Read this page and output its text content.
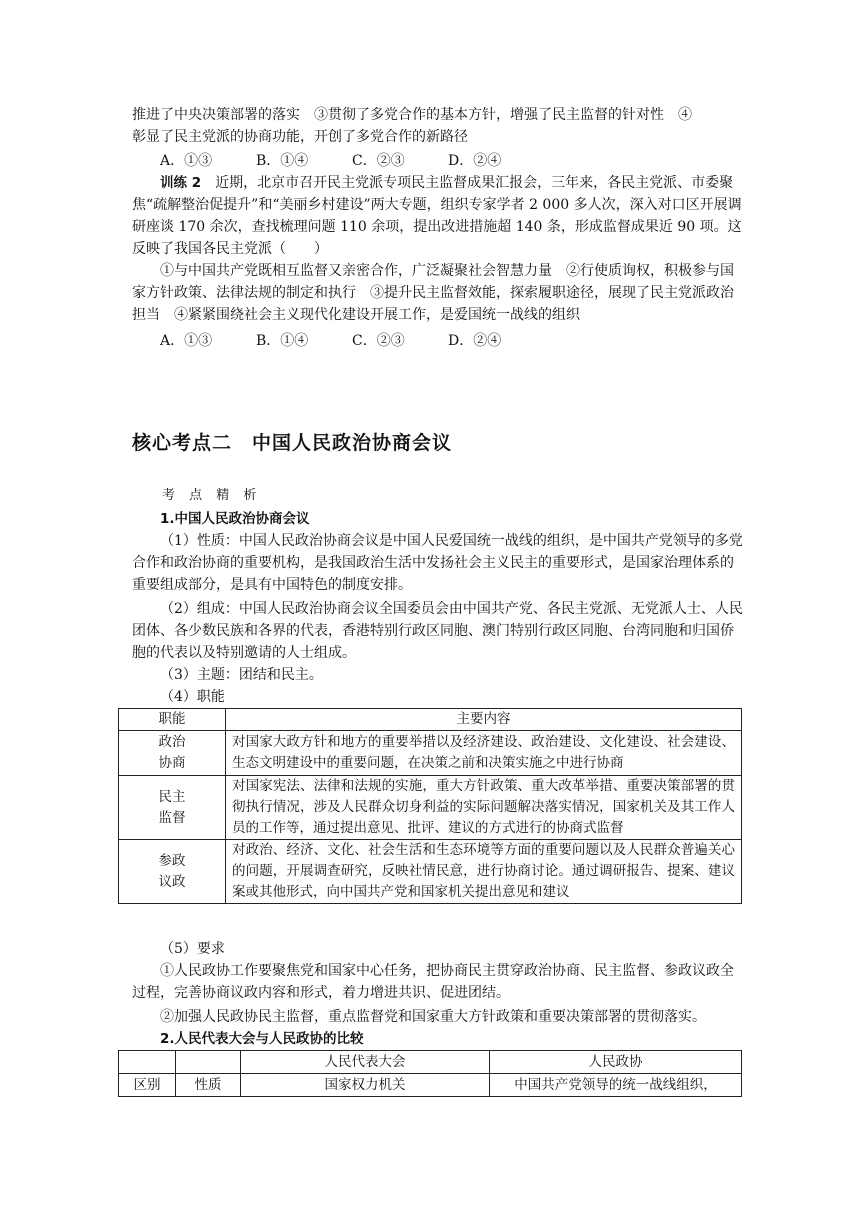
推进了中央决策部署的落实　③贯彻了多党合作的基本方针，增强了民主监督的针对性　④

彰显了民主党派的协商功能，开创了多党合作的新路径

A．①③	B．①④	C．②③	D．②④

训练 2　 近期，北京市召开民主党派专项民主监督成果汇报会，三年来，各民主党派、市委聚焦“疏解整治促提升”和“美丽乡村建设”两大专题，组织专家学者 2 000 多人次，深入对口区开展调研座谈 170 余次，查找梳理问题 110 余项，提出改进措施超 140 条，形成监督成果近 90 项。这反映了我国各民主党派（　　）

①与中国共产党既相互监督又亲密合作，广泛凝聚社会智慧力量　②行使质询权，积极参与国家方针政策、法律法规的制定和执行　③提升民主监督效能，探索履职途径，展现了民主党派政治担当　④紧紧围绕社会主义现代化建设开展工作，是爱国统一战线的组织

A．①③	B．①④	C．②③	D．②④

核心考点二　中国人民政治协商会议

考 点 精 析

1.中国人民政治协商会议

（1）性质：中国人民政治协商会议是中国人民爱国统一战线的组织，是中国共产党领导的多党合作和政治协商的重要机构，是我国政治生活中发扬社会主义民主的重要形式，是国家治理体系的重要组成部分，是具有中国特色的制度安排。

（2）组成：中国人民政治协商会议全国委员会由中国共产党、各民主党派、无党派人士、人民团体、各少数民族和各界的代表，香港特别行政区同胞、澳门特别行政区同胞、台湾同胞和归国侨胞的代表以及特别邀请的人士组成。

（3）主题：团结和民主。

（4）职能

职能	主要内容
政治
协商	对国家大政方针和地方的重要举措以及经济建设、政治建设、文化建设、社会建设、生态文明建设中的重要问题，在决策之前和决策实施之中进行协商
民主
监督	对国家宪法、法律和法规的实施，重大方针政策、重大改革举措、重要决策部署的贯彻执行情况，涉及人民群众切身利益的实际问题解决落实情况，国家机关及其工作人员的工作等，通过提出意见、批评、建议的方式进行的协商式监督
参政
议政	对政治、经济、文化、社会生活和生态环境等方面的重要问题以及人民群众普遍关心的问题，开展调查研究，反映社情民意，进行协商讨论。通过调研报告、提案、建议案或其他形式，向中国共产党和国家机关提出意见和建议

（5）要求

①人民政协工作要聚焦党和国家中心任务，把协商民主贯穿政治协商、民主监督、参政议政全过程，完善协商议政内容和形式，着力增进共识、促进团结。

②加强人民政协民主监督，重点监督党和国家重大方针政策和重要决策部署的贯彻落实。

2.人民代表大会与人民政协的比较

		人民代表大会	人民政协
区别	性质	国家权力机关	中国共产党领导的统一战线组织，
